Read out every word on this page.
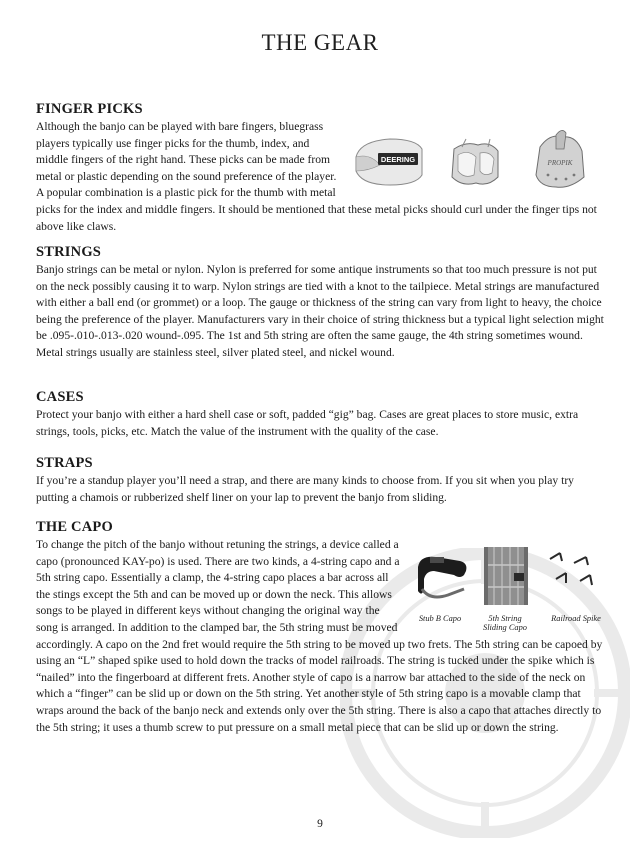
THE GEAR
FINGER PICKS
DEERING	PROPIK

Although the banjo can be played with bare fingers, bluegrass players typically use finger picks for the thumb, index, and middle fingers of the right hand. These picks can be made from metal or plastic depending on the sound preference of the player. A popular combination is a plastic pick for the thumb with metal picks for the index and middle fingers. It should be mentioned that these metal picks should curl under the finger tips not above like claws.

STRINGS

Banjo strings can be metal or nylon. Nylon is preferred for some antique instruments so that too much pressure is not put on the neck possibly causing it to warp. Nylon strings are tied with a knot to the tailpiece. Metal strings are manufactured with either a ball end (or grommet) or a loop. The gauge or thickness of the string can vary from light to heavy, the choice being the preference of the player. Manufacturers vary in their choice of string thickness but a typical light selection might be .095-.010-.013-.020 wound-.095. The 1st and 5th string are often the same gauge, the 4th string sometimes wound. Metal strings usually are stainless steel, silver plated steel, and nickel wound.

CASES

Protect your banjo with either a hard shell case or soft, padded “gig” bag. Cases are great places to store music, extra strings, tools, picks, etc. Match the value of the instrument with the quality of the case.

STRAPS

If you’re a standup player you’ll need a strap, and there are many kinds to choose from. If you sit when you play try putting a chamois or rubberized shelf liner on your lap to prevent the banjo from sliding.

THE CAPO
Stub B Capo	5th String
Sliding Capo
Railroad Spike

To change the pitch of the banjo without retuning the strings, a device called a capo (pronounced KAY-po) is used. There are two kinds, a 4-string capo and a 5th string capo. Essentially a clamp, the 4-string capo places a bar across all the stings except the 5th and can be moved up or down the neck. This allows songs to be played in different keys without changing the original way the song is arranged. In addition to the clamped bar, the 5th string must be moved accordingly. A capo on the 2nd fret would require the 5th string to be moved up two frets. The 5th string can be capoed by using an “L” shaped spike used to hold down the tracks of model railroads. The string is tucked under the spike which is “nailed” into the fingerboard at different frets. Another style of capo is a narrow bar attached to the side of the neck on which a “finger” can be slid up or down on the 5th string. Yet another style of 5th string capo is a movable clamp that wraps around the back of the banjo neck and extends only over the 5th string. There is also a capo that attaches directly to the 5th string; it uses a thumb screw to put pressure on a small metal piece that can be slid up or down the string.

9
